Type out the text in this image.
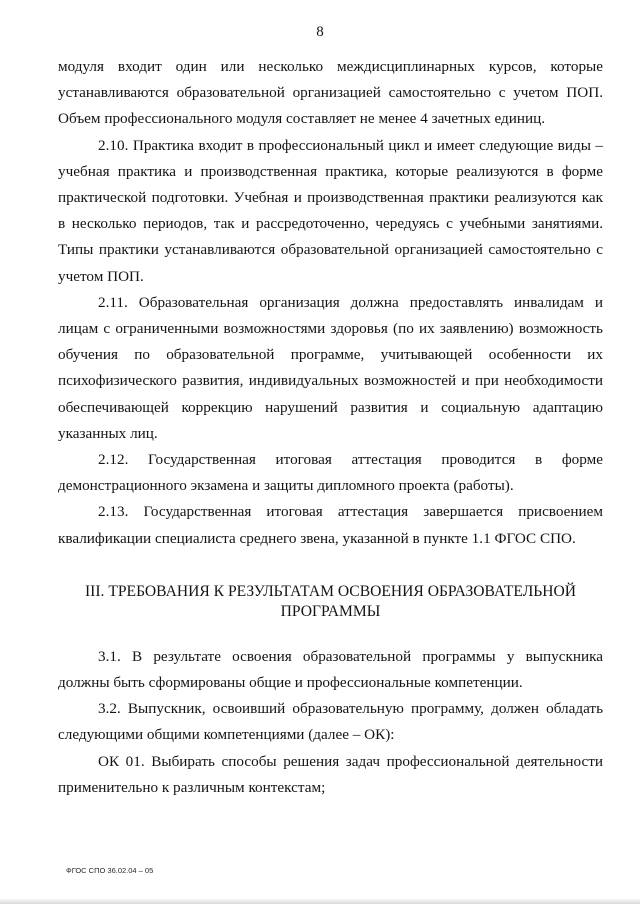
8

модуля входит один или несколько междисциплинарных курсов, которые устанавливаются образовательной организацией самостоятельно с учетом ПОП. Объем профессионального модуля составляет не менее 4 зачетных единиц.

2.10. Практика входит в профессиональный цикл и имеет следующие виды – учебная практика и производственная практика, которые реализуются в форме практической подготовки. Учебная и производственная практики реализуются как в несколько периодов, так и рассредоточенно, чередуясь с учебными занятиями. Типы практики устанавливаются образовательной организацией самостоятельно с учетом ПОП.

2.11. Образовательная организация должна предоставлять инвалидам и лицам с ограниченными возможностями здоровья (по их заявлению) возможность обучения по образовательной программе, учитывающей особенности их психофизического развития, индивидуальных возможностей и при необходимости обеспечивающей коррекцию нарушений развития и социальную адаптацию указанных лиц.

2.12. Государственная итоговая аттестация проводится в форме демонстрационного экзамена и защиты дипломного проекта (работы).

2.13. Государственная итоговая аттестация завершается присвоением квалификации специалиста среднего звена, указанной в пункте 1.1 ФГОС СПО.

III. ТРЕБОВАНИЯ К РЕЗУЛЬТАТАМ ОСВОЕНИЯ ОБРАЗОВАТЕЛЬНОЙ ПРОГРАММЫ

3.1. В результате освоения образовательной программы у выпускника должны быть сформированы общие и профессиональные компетенции.

3.2. Выпускник, освоивший образовательную программу, должен обладать следующими общими компетенциями (далее – ОК):

ОК 01. Выбирать способы решения задач профессиональной деятельности применительно к различным контекстам;

ФГОС СПО 36.02.04 – 05
